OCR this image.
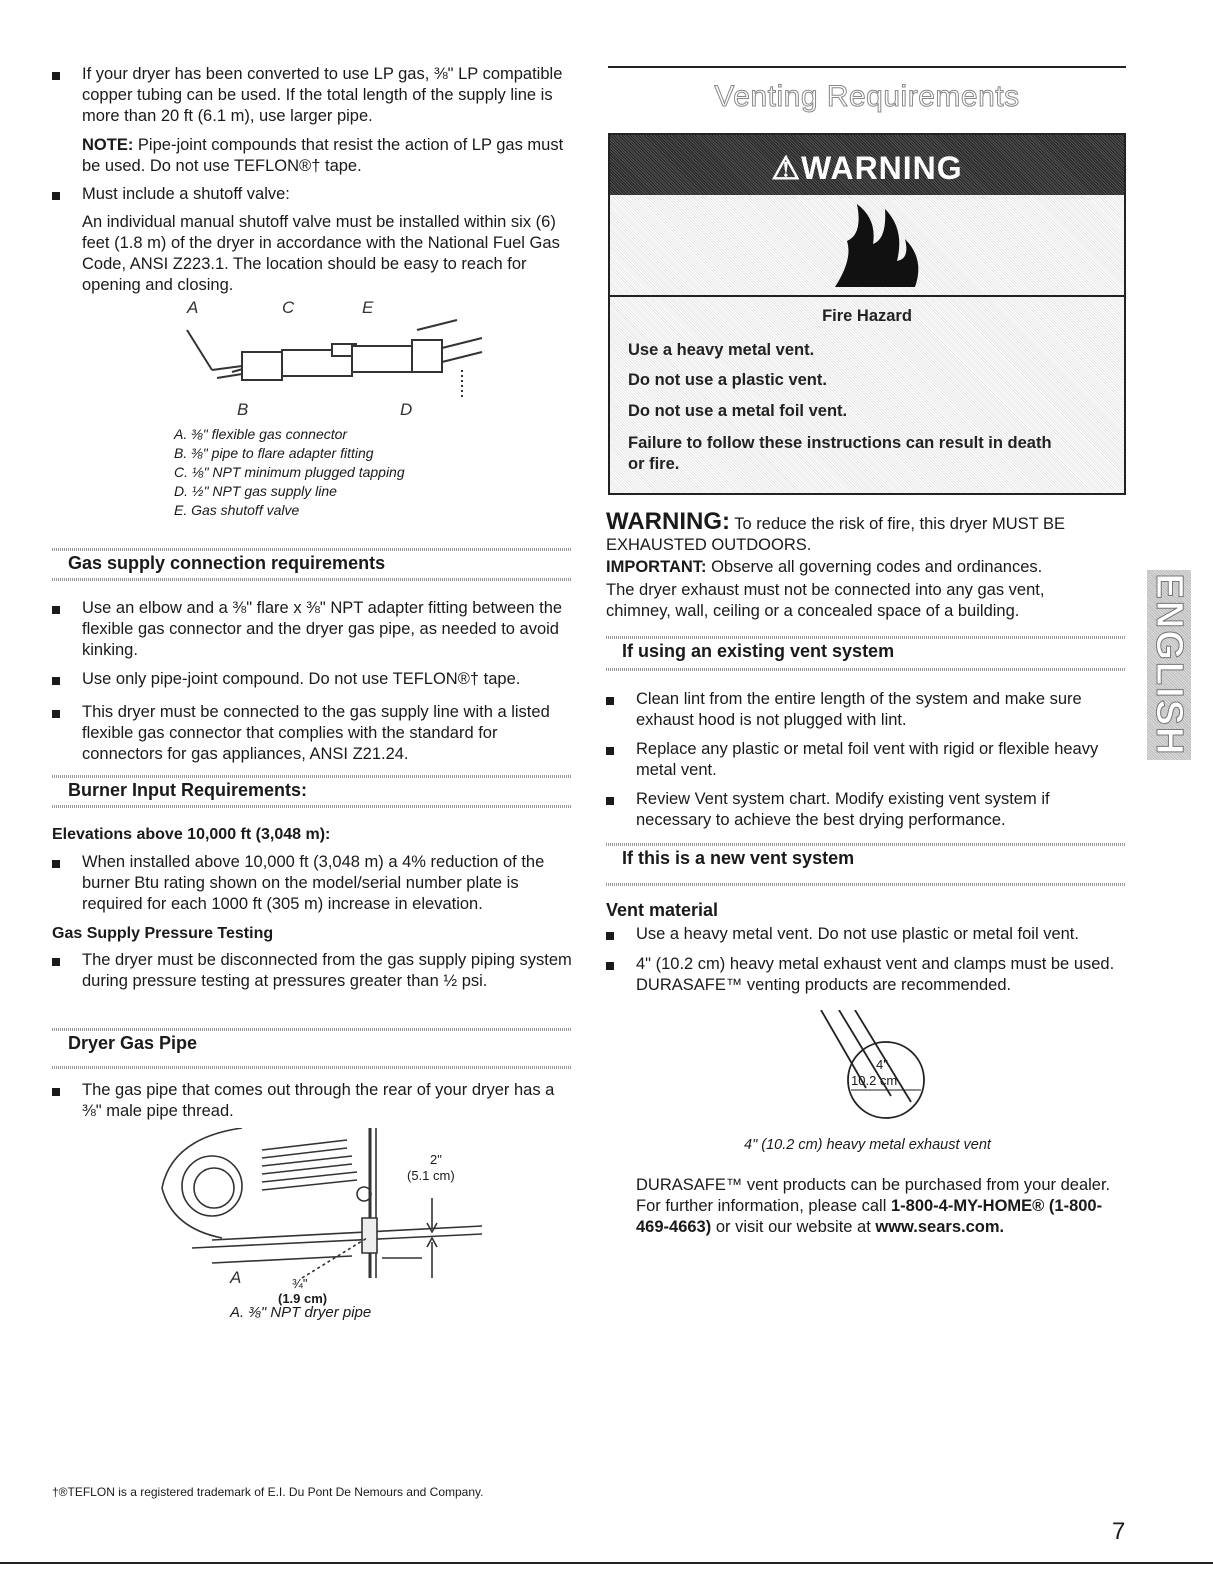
If your dryer has been converted to use LP gas, ⅜" LP compatible copper tubing can be used. If the total length of the supply line is more than 20 ft (6.1 m), use larger pipe.
NOTE: Pipe-joint compounds that resist the action of LP gas must be used. Do not use TEFLON®† tape.
Must include a shutoff valve:
An individual manual shutoff valve must be installed within six (6) feet (1.8 m) of the dryer in accordance with the National Fuel Gas Code, ANSI Z223.1. The location should be easy to reach for opening and closing.
A	C	E
B	D
A. ⅜" flexible gas connector
B. ⅜" pipe to flare adapter fitting
C. ⅛" NPT minimum plugged tapping
D. ½" NPT gas supply line
E. Gas shutoff valve
Gas supply connection requirements
Use an elbow and a ⅜" flare x ⅜" NPT adapter fitting between the flexible gas connector and the dryer gas pipe, as needed to avoid kinking.
Use only pipe-joint compound. Do not use TEFLON®† tape.
This dryer must be connected to the gas supply line with a listed flexible gas connector that complies with the standard for connectors for gas appliances, ANSI Z21.24.
Burner Input Requirements:
Elevations above 10,000 ft (3,048 m):
When installed above 10,000 ft (3,048 m) a 4% reduction of the burner Btu rating shown on the model/serial number plate is required for each 1000 ft (305 m) increase in elevation.
Gas Supply Pressure Testing
The dryer must be disconnected from the gas supply piping system during pressure testing at pressures greater than ½ psi.
Dryer Gas Pipe
The gas pipe that comes out through the rear of your dryer has a ⅜" male pipe thread.
2"
(5.1 cm)
A	¾"
(1.9 cm)
A. ⅜" NPT dryer pipe
†®TEFLON is a registered trademark of E.I. Du Pont De Nemours and Company.
Venting Requirements
⚠WARNING
Fire Hazard
Use a heavy metal vent.
Do not use a plastic vent.
Do not use a metal foil vent.
Failure to follow these instructions can result in death
or fire.
WARNING: To reduce the risk of fire, this dryer MUST BE EXHAUSTED OUTDOORS.
IMPORTANT: Observe all governing codes and ordinances.
The dryer exhaust must not be connected into any gas vent, chimney, wall, ceiling or a concealed space of a building.
If using an existing vent system
Clean lint from the entire length of the system and make sure exhaust hood is not plugged with lint.
Replace any plastic or metal foil vent with rigid or flexible heavy metal vent.
Review Vent system chart. Modify existing vent system if necessary to achieve the best drying performance.
If this is a new vent system
Vent material
Use a heavy metal vent. Do not use plastic or metal foil vent.
4" (10.2 cm) heavy metal exhaust vent and clamps must be used. DURASAFE™ venting products are recommended.
4"
10.2 cm
4" (10.2 cm) heavy metal exhaust vent
DURASAFE™ vent products can be purchased from your dealer. For further information, please call 1-800-4-MY-HOME® (1-800-469-4663) or visit our website at www.sears.com.
ENGLISH
7
